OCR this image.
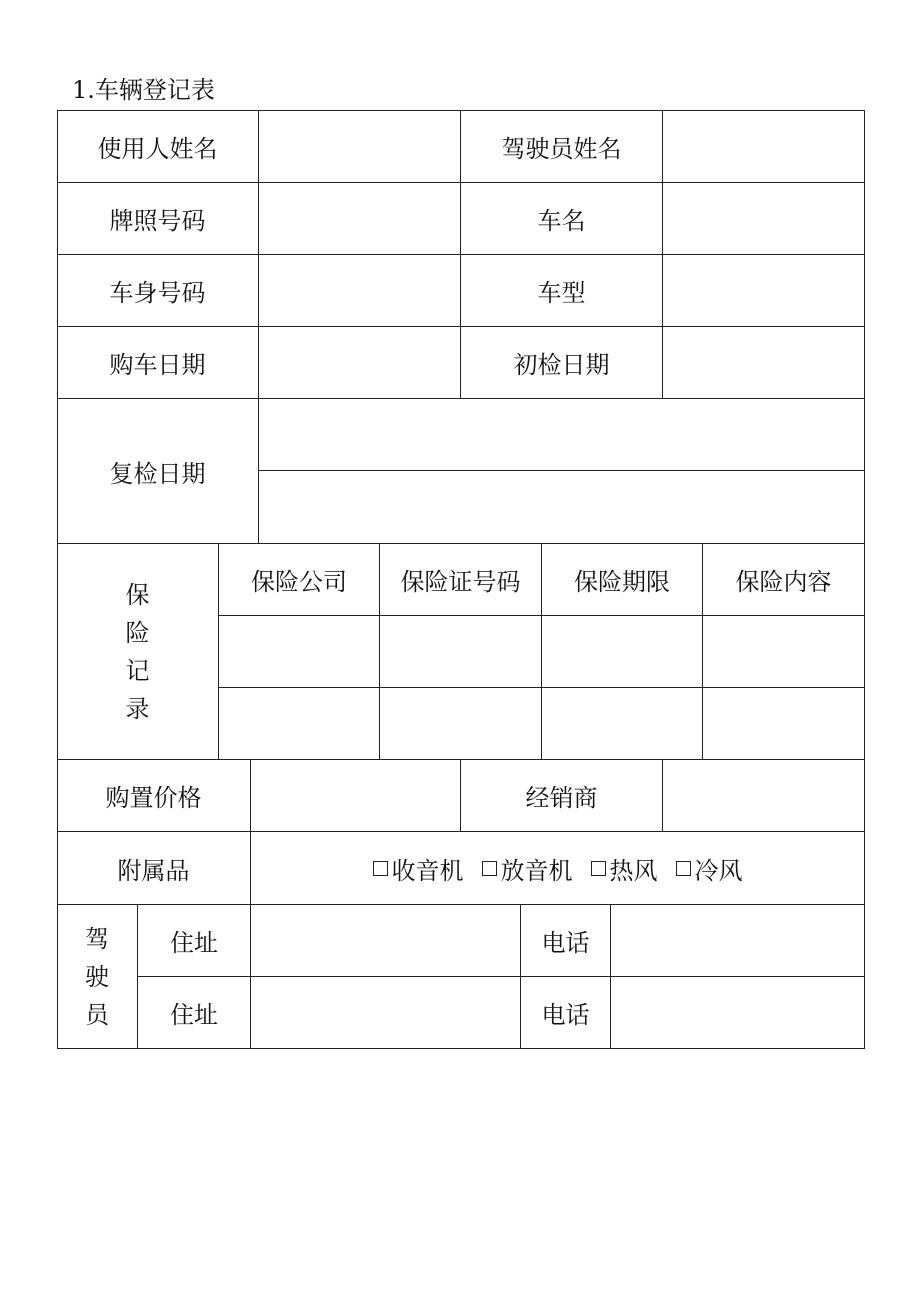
1.车辆登记表
使用人姓名	驾驶员姓名
牌照号码	车名
车身号码	车型
购车日期	初检日期
复检日期
保
险
记
录
保险公司	保险证号码	保险期限	保险内容
购置价格	经销商
附属品	收音机 放音机 热风 冷风
驾
驶
员
住址	电话
住址	电话
